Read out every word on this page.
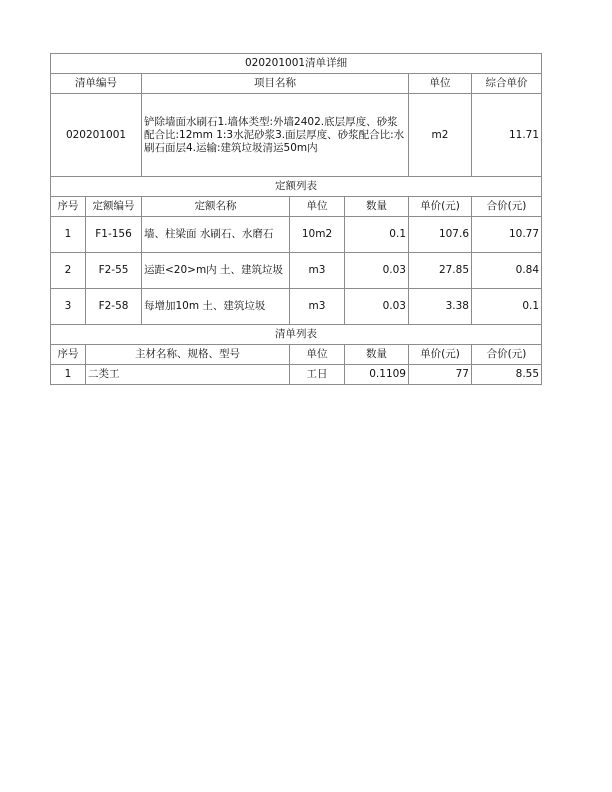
020201001清单详细						
清单编号		项目名称			单位	综合单价
020201001		铲除墙面水刷石1.墙体类型:外墙2402.底层厚度、砂浆配合比:12mm 1:3水泥砂浆3.面层厚度、砂浆配合比:水刷石面层4.运输:建筑垃圾清运50m内			m2	11.71
定额列表						
序号	定额编号	定额名称	单位	数量	单价(元)	合价(元)
1	F1-156	墙、柱梁面 水刷石、水磨石	10m2	0.1	107.6	10.77
2	F2-55	运距<20>m内 土、建筑垃圾	m3	0.03	27.85	0.84
3	F2-58	每增加10m 土、建筑垃圾	m3	0.03	3.38	0.1
清单列表						
序号	主材名称、规格、型号		单位	数量	单价(元)	合价(元)
1	二类工		工日	0.1109	77	8.55
